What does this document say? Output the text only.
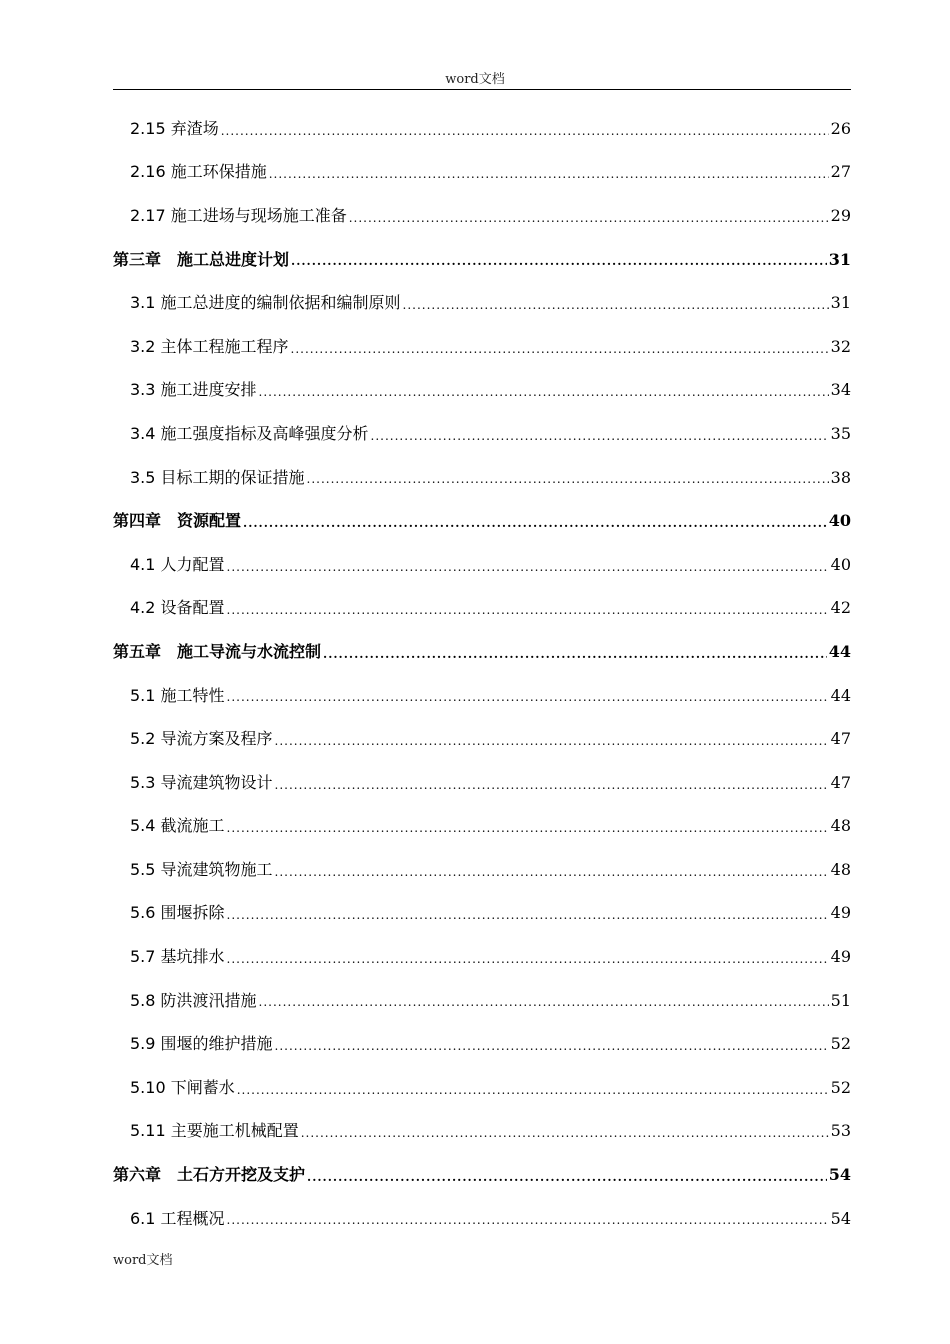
word文档
2.15 弃渣场 .....	26
2.16 施工环保措施 .....	27
2.17 施工进场与现场施工准备 .....	29
第三章　施工总进度计划 .....	31
3.1 施工总进度的编制依据和编制原则 .....	31
3.2 主体工程施工程序 .....	32
3.3 施工进度安排 .....	34
3.4 施工强度指标及高峰强度分析 .....	35
3.5 目标工期的保证措施 .....	38
第四章　资源配置 .....	40
4.1 人力配置 .....	40
4.2 设备配置 .....	42
第五章　施工导流与水流控制 .....	44
5.1 施工特性 .....	44
5.2 导流方案及程序 .....	47
5.3 导流建筑物设计 .....	47
5.4 截流施工 .....	48
5.5 导流建筑物施工 .....	48
5.6 围堰拆除 .....	49
5.7 基坑排水 .....	49
5.8 防洪渡汛措施 .....	51
5.9 围堰的维护措施 .....	52
5.10 下闸蓄水 .....	52
5.11 主要施工机械配置 .....	53
第六章　土石方开挖及支护 .....	54
6.1 工程概况 .....	54
word文档
